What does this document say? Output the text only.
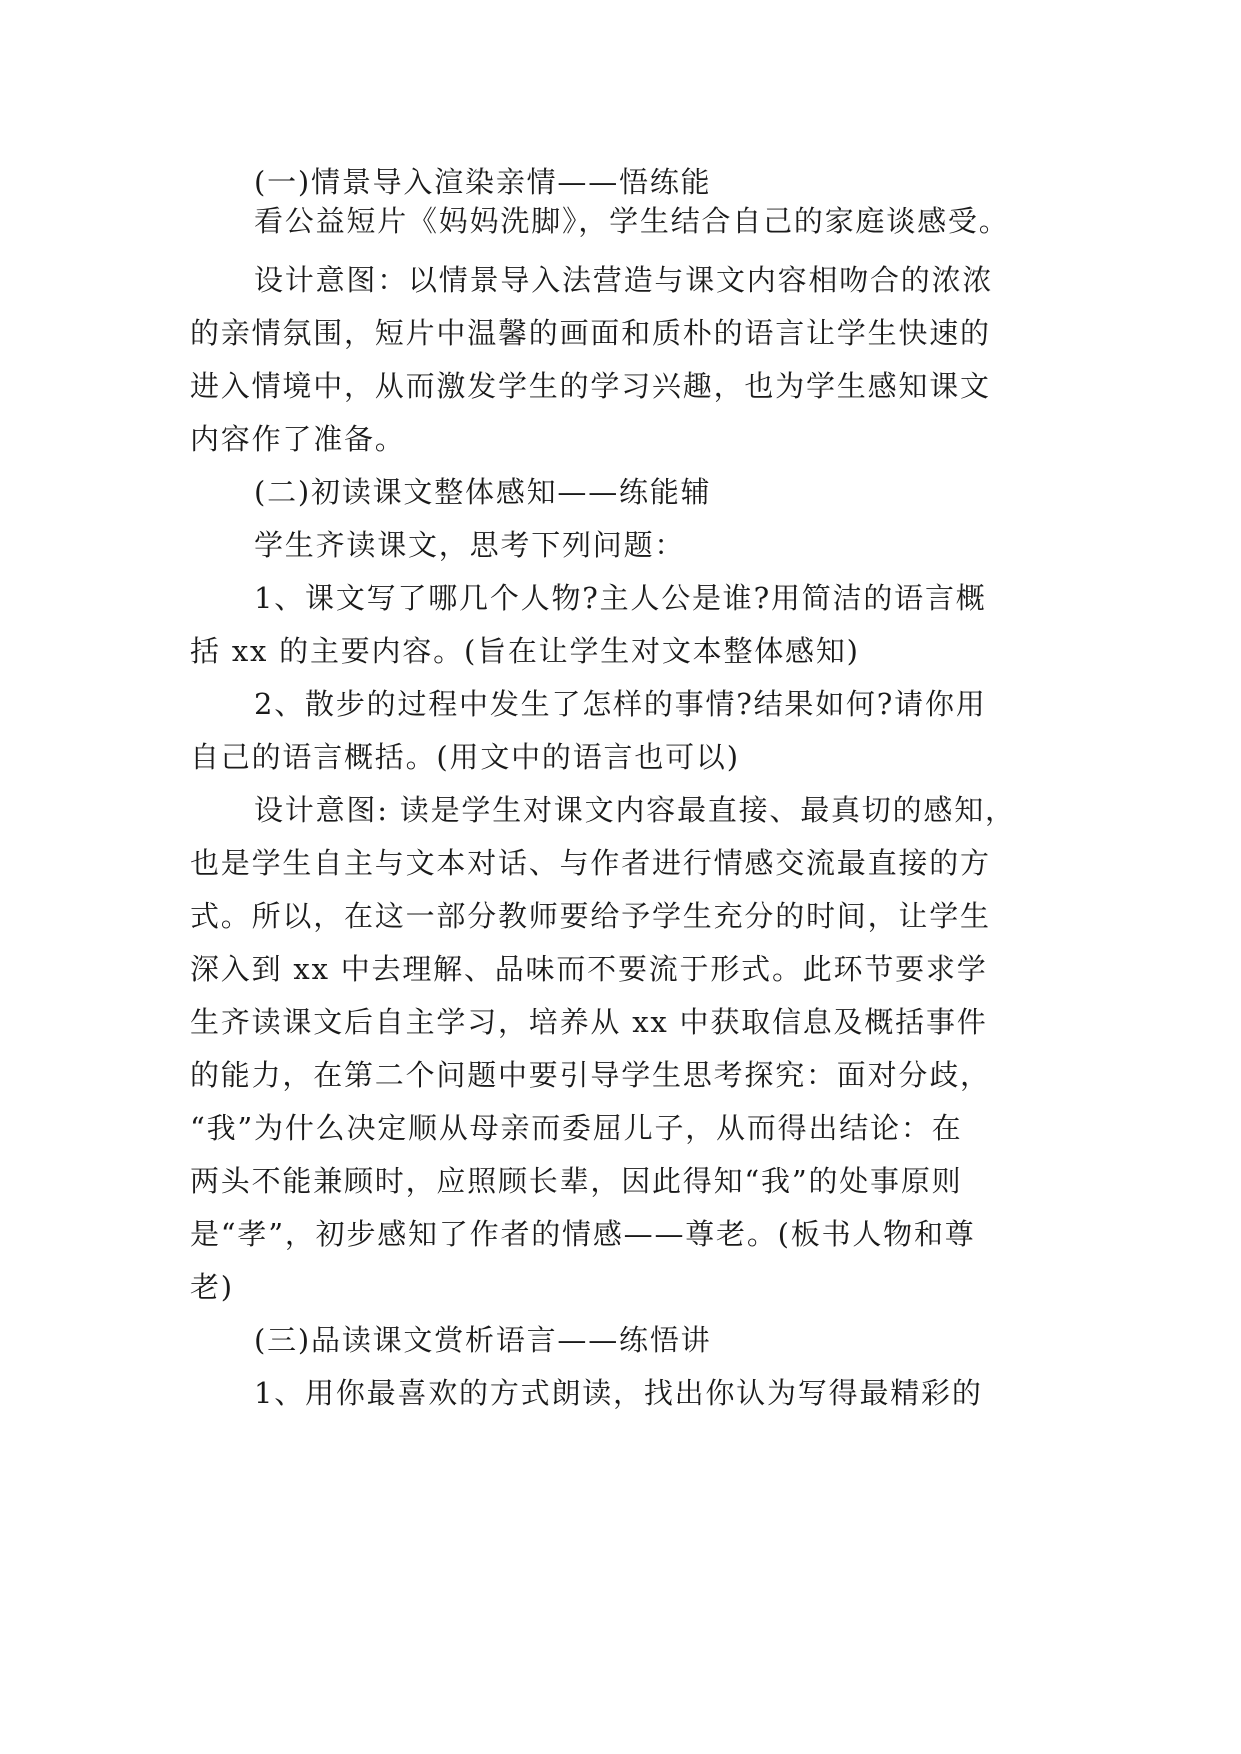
(一)情景导入渲染亲情——悟练能
看公益短片《妈妈洗脚》，学生结合自己的家庭谈感受。
设计意图：以情景导入法营造与课文内容相吻合的浓浓
的亲情氛围，短片中温馨的画面和质朴的语言让学生快速的
进入情境中，从而激发学生的学习兴趣，也为学生感知课文
内容作了准备。
(二)初读课文整体感知——练能辅
学生齐读课文，思考下列问题：
1、课文写了哪几个人物?主人公是谁?用简洁的语言概
括 xx 的主要内容。(旨在让学生对文本整体感知)
2、散步的过程中发生了怎样的事情?结果如何?请你用
自己的语言概括。(用文中的语言也可以)
设计意图: 读是学生对课文内容最直接、最真切的感知，
也是学生自主与文本对话、与作者进行情感交流最直接的方
式。所以，在这一部分教师要给予学生充分的时间，让学生
深入到 xx 中去理解、品味而不要流于形式。此环节要求学
生齐读课文后自主学习，培养从 xx 中获取信息及概括事件
的能力，在第二个问题中要引导学生思考探究：面对分歧，
“我”为什么决定顺从母亲而委屈儿子，从而得出结论：在
两头不能兼顾时，应照顾长辈，因此得知“我”的处事原则
是“孝”，初步感知了作者的情感——尊老。(板书人物和尊
老)
(三)品读课文赏析语言——练悟讲
1、用你最喜欢的方式朗读，找出你认为写得最精彩的
